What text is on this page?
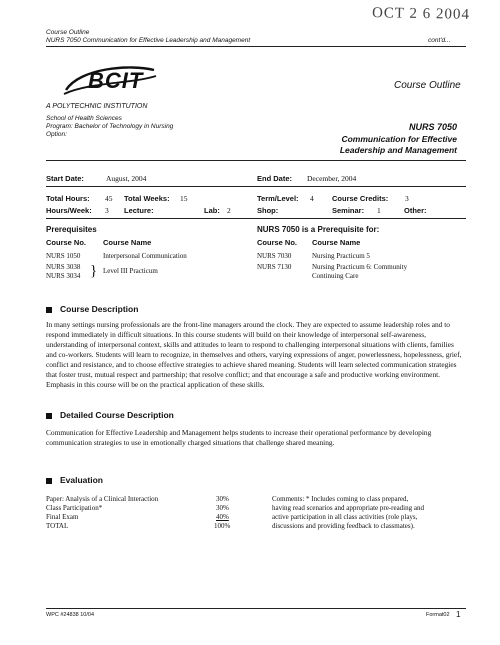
OCT 2 6 2004
Course Outline
NURS 7050 Communication for Effective Leadership and Management	cont'd...
BCIT
A POLYTECHNIC INSTITUTION
Course Outline
School of Health Sciences
Program: Bachelor of Technology in Nursing
Option:
NURS 7050
Communication for Effective
Leadership and Management
Start Date:	August, 2004	End Date: December, 2004
Total Hours: 45 Total Weeks: 15	Term/Level: 4 Course Credits: 3
Hours/Week: 3 Lecture:	Lab: 2	Shop:	Seminar: 1	Other:
Prerequisites
Course No. Course Name
NURS 1050	Interpersonal Communication
NURS 3038
NURS 3034 } Level III Practicum
NURS 7050 is a Prerequisite for:
Course No. Course Name
NURS 7030	Nursing Practicum 5
NURS 7130	Nursing Practicum 6: Community
Continuing Care
Course Description
In many settings nursing professionals are the front-line managers around the clock. They are expected to assume leadership roles and to respond immediately in difficult situations. In this course students will build on their knowledge of interpersonal self-awareness, understanding of interpersonal context, skills and attitudes to learn to respond to challenging interpersonal situations with clients, families and co-workers. Students will learn to recognize, in themselves and others, varying expressions of anger, powerlessness, hopelessness, grief, conflict and resistance, and to choose effective strategies to achieve shared meaning. Students will learn selected communication strategies that foster trust, mutual respect and partnership; that resolve conflict; and that encourage a safe and productive working environment. Emphasis in this course will be on the practical application of these skills.
Detailed Course Description
Communication for Effective Leadership and Management helps students to increase their operational performance by developing communication strategies to use in emotionally charged situations that challenge shared meaning.
Evaluation
Paper: Analysis of a Clinical Interaction	30%
Class Participation*	30%
Final Exam	40%
TOTAL	100%
Comments: * Includes coming to class prepared,
having read scenarios and appropriate pre-reading and
active participation in all class activities (role plays,
discussions and providing feedback to classmates).
WPC #24838 10/04	Format02 1
